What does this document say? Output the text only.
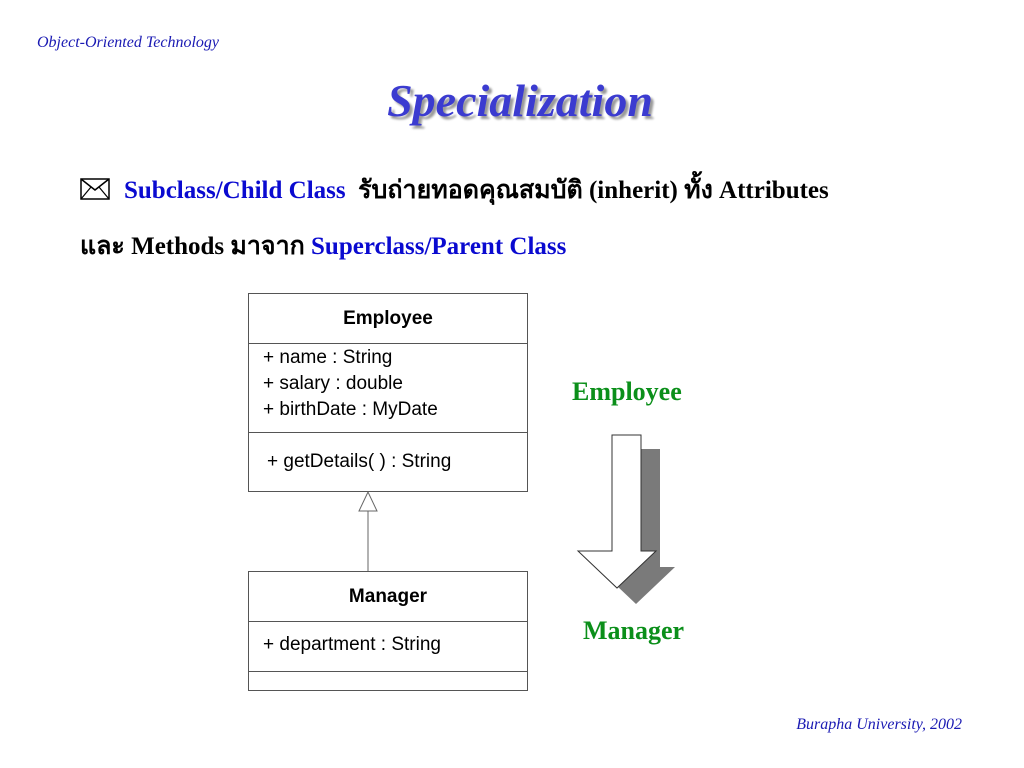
Object-Oriented Technology
Specialization
Subclass/Child Class รับถ่ายทอดคุณสมบัติ (inherit) ทั้ง Attributes
และ Methods มาจาก Superclass/Parent Class
Employee
+ name : String
+ salary : double
+ birthDate : MyDate
+ getDetails( ) : String
Manager
+ department : String
Employee
Manager
Burapha University, 2002
